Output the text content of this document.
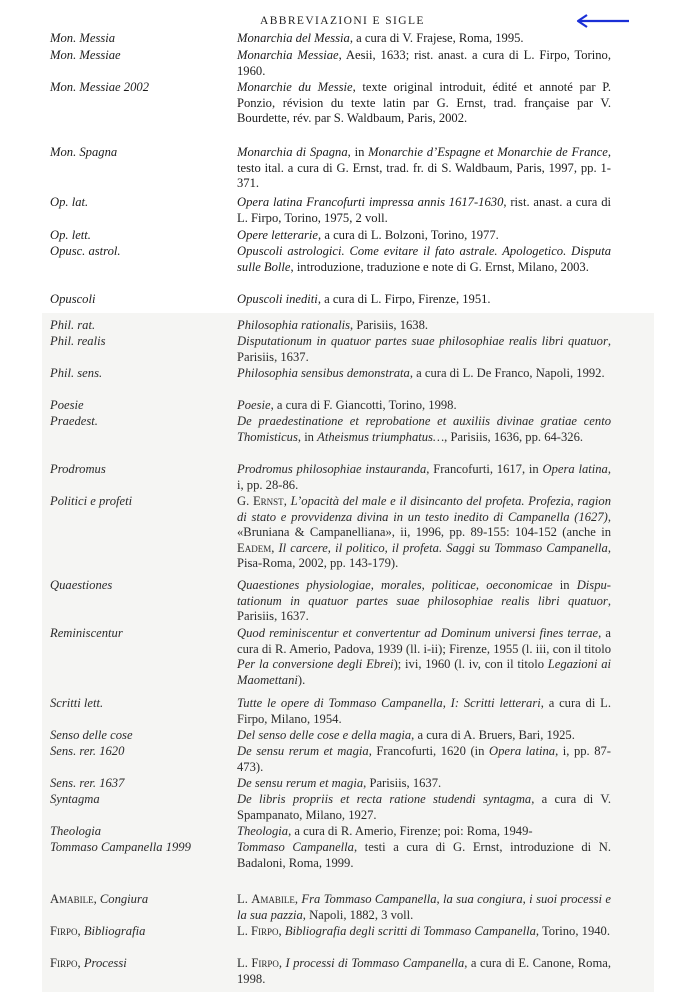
ABBREVIAZIONI E SIGLE
Mon. Messia	Monarchia del Messia, a cura di V. Frajese, Roma, 1995.
Mon. Messiae	Monarchia Messiae, Aesii, 1633; rist. anast. a cura di L. Firpo, Torino, 1960.
Mon. Messiae 2002	Monarchie du Messie, texte original introduit, édité et annoté par P. Ponzio, révision du texte latin par G. Ernst, trad. française par V. Bourdette, rév. par S. Waldbaum, Paris, 2002.
Mon. Spagna	Monarchia di Spagna, in Monarchie d’Espagne et Monarchie de France, testo ital. a cura di G. Ernst, trad. fr. di S. Waldbaum, Paris, 1997, pp. 1-371.
Op. lat.	Opera latina Francofurti impressa annis 1617-1630, rist. anast. a cura di L. Firpo, Torino, 1975, 2 voll.
Op. lett.	Opere letterarie, a cura di L. Bolzoni, Torino, 1977.
Opusc. astrol.	Opuscoli astrologici. Come evitare il fato astrale. Apologetico. Disputa sulle Bolle, introduzione, traduzione e note di G. Ernst, Milano, 2003.
Opuscoli	Opuscoli inediti, a cura di L. Firpo, Firenze, 1951.
Phil. rat.	Philosophia rationalis, Parisiis, 1638.
Phil. realis	Disputationum in quatuor partes suae philosophiae realis libri quatuor, Parisiis, 1637.
Phil. sens.	Philosophia sensibus demonstrata, a cura di L. De Franco, Napoli, 1992.
Poesie	Poesie, a cura di F. Giancotti, Torino, 1998.
Praedest.	De praedestinatione et reprobatione et auxiliis divinae gratiae cento Thomisticus, in Atheismus triumphatus…, Parisiis, 1636, pp. 64-326.
Prodromus	Prodromus philosophiae instauranda, Francofurti, 1617, in Opera latina, i, pp. 28-86.
Politici e profeti	G. Ernst, L’opacità del male e il disincanto del profeta. Profezia, ragion di stato e provvidenza divina in un testo inedito di Campanella (1627), «Bruniana & Campanelliana», ii, 1996, pp. 89-155: 104-152 (anche in Eadem, Il carcere, il politico, il profeta. Saggi su Tommaso Campanella, Pisa-Roma, 2002, pp. 143-179).
Quaestiones	Quaestiones physiologiae, morales, politicae, oeconomicae in Disputationum in quatuor partes suae philosophiae realis libri quatuor, Parisiis, 1637.
Reminiscentur	Quod reminiscentur et convertentur ad Dominum universi fines terrae, a cura di R. Amerio, Padova, 1939 (ll. i-ii); Firenze, 1955 (l. iii, con il titolo Per la conversione degli Ebrei); ivi, 1960 (l. iv, con il titolo Legazioni ai Maomettani).
Scritti lett.	Tutte le opere di Tommaso Campanella, I: Scritti letterari, a cura di L. Firpo, Milano, 1954.
Senso delle cose	Del senso delle cose e della magia, a cura di A. Bruers, Bari, 1925.
Sens. rer. 1620	De sensu rerum et magia, Francofurti, 1620 (in Opera latina, i, pp. 87-473).
Sens. rer. 1637	De sensu rerum et magia, Parisiis, 1637.
Syntagma	De libris propriis et recta ratione studendi syntagma, a cura di V. Spampanato, Milano, 1927.
Theologia	Theologia, a cura di R. Amerio, Firenze; poi: Roma, 1949-
Tommaso Campanella 1999	Tommaso Campanella, testi a cura di G. Ernst, introduzione di N. Badaloni, Roma, 1999.
Amabile, Congiura	L. Amabile, Fra Tommaso Campanella, la sua congiura, i suoi processi e la sua pazzia, Napoli, 1882, 3 voll.
Firpo, Bibliografia	L. Firpo, Bibliografia degli scritti di Tommaso Campanella, Torino, 1940.
Firpo, Processi	L. Firpo, I processi di Tommaso Campanella, a cura di E. Canone, Roma, 1998.
